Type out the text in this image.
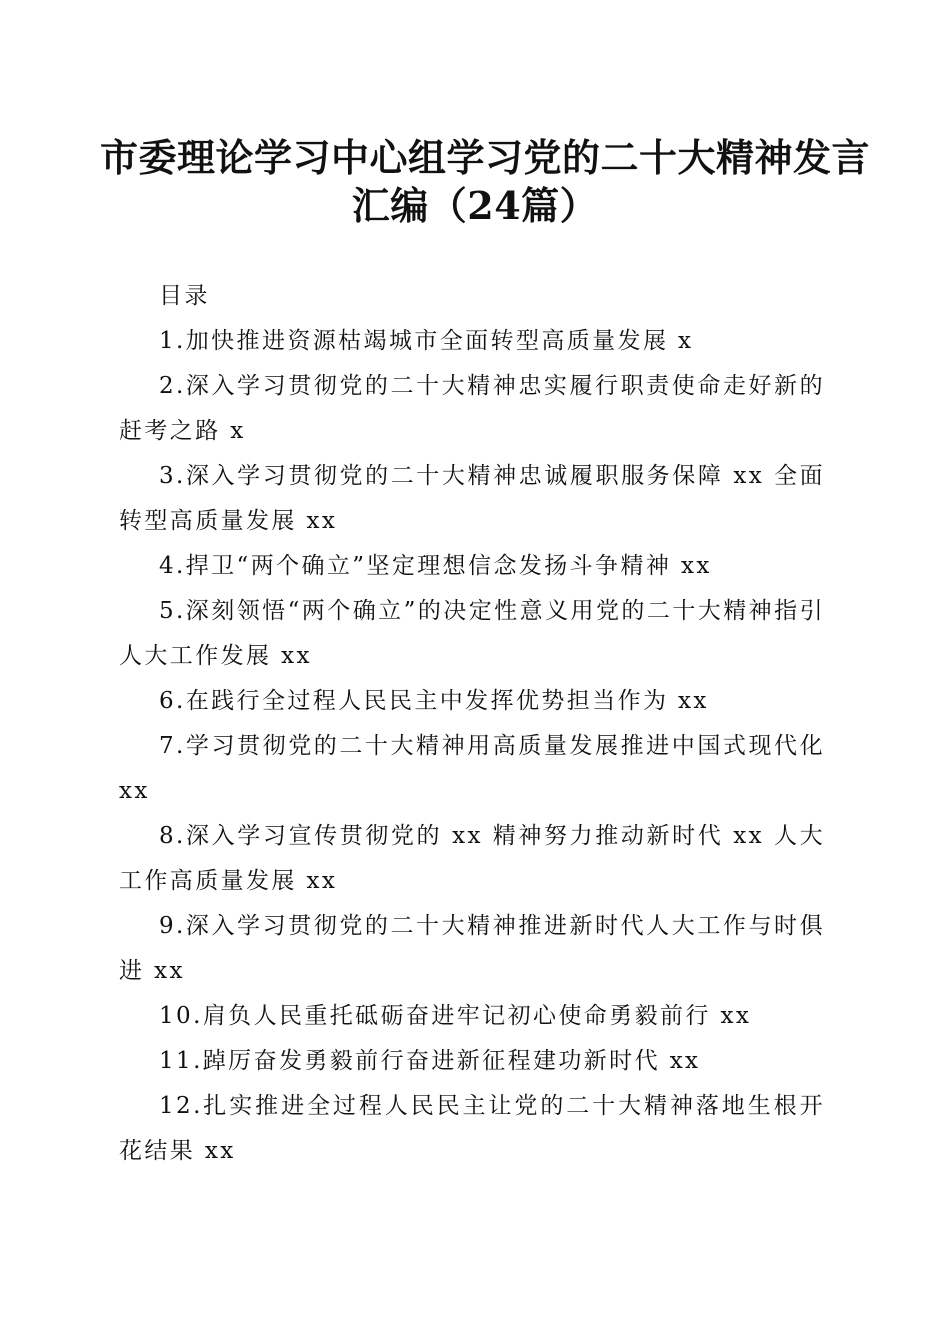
市委理论学习中心组学习党的二十大精神发言
汇编（24篇）

目录

1.加快推进资源枯竭城市全面转型高质量发展 x

2.深入学习贯彻党的二十大精神忠实履行职责使命走好新的赶考之路 x

3.深入学习贯彻党的二十大精神忠诚履职服务保障 xx 全面转型高质量发展 xx

4.捍卫“两个确立”坚定理想信念发扬斗争精神 xx

5.深刻领悟“两个确立”的决定性意义用党的二十大精神指引人大工作发展 xx

6.在践行全过程人民民主中发挥优势担当作为 xx

7.学习贯彻党的二十大精神用高质量发展推进中国式现代化 xx

8.深入学习宣传贯彻党的 xx 精神努力推动新时代 xx 人大工作高质量发展 xx

9.深入学习贯彻党的二十大精神推进新时代人大工作与时俱进 xx

10.肩负人民重托砥砺奋进牢记初心使命勇毅前行 xx

11.踔厉奋发勇毅前行奋进新征程建功新时代 xx

12.扎实推进全过程人民民主让党的二十大精神落地生根开花结果 xx
